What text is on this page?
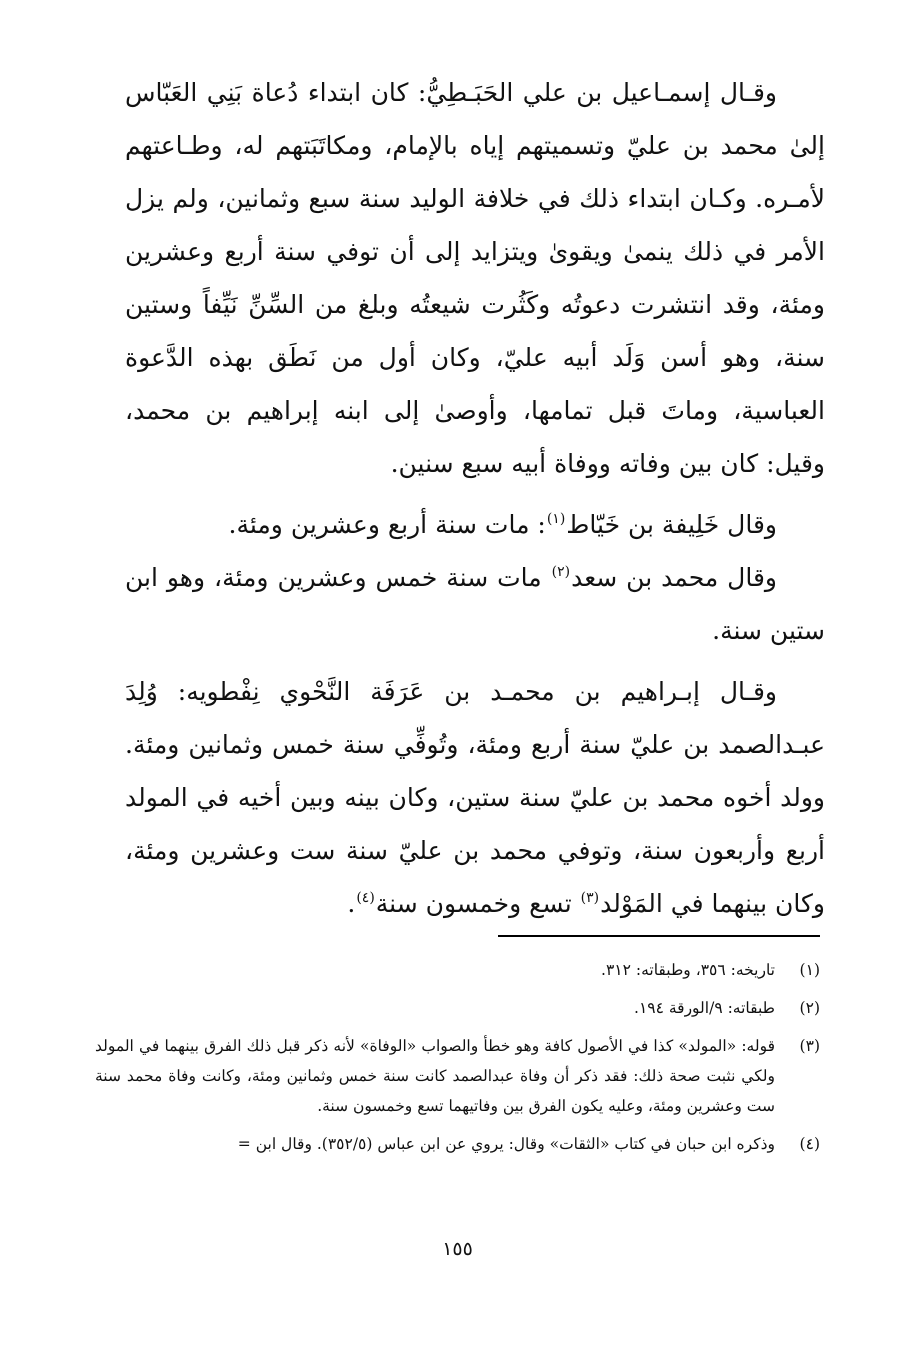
وقـال إسمـاعيل بن علي الحَبَـطِيُّ: كان ابتداء دُعاة بَنِي العَبّاس إلىٰ محمد بن عليّ وتسميتهم إياه بالإمام، ومكاتَبَتهم له، وطـاعتهم لأمـره. وكـان ابتداء ذلك في خلافة الوليد سنة سبع وثمانين، ولم يزل الأمر في ذلك ينمىٰ ويقوىٰ ويتزايد إلى أن توفي سنة أربع وعشرين ومئة، وقد انتشرت دعوتُه وكَثُرت شيعتُه وبلغ من السِّنِّ نَيِّفاً وستين سنة، وهو أسن وَلَد أبيه عليّ، وكان أول من نَطَق بهذه الدَّعوة العباسية، وماتَ قبل تمامها، وأوصىٰ إلى ابنه إبراهيم بن محمد، وقيل: كان بين وفاته ووفاة أبيه سبع سنين.

وقال خَلِيفة بن خَيّاط$^{(١)}$: مات سنة أربع وعشرين ومئة.

وقال محمد بن سعد$^{(٢)}$ مات سنة خمس وعشرين ومئة، وهو ابن ستين سنة.

وقـال إبـراهيم بن محمـد بن عَرَفَة النَّحْوي نِفْطويه: وُلِدَ عبـدالصمد بن عليّ سنة أربع ومئة، وتُوفِّي سنة خمس وثمانين ومئة. وولد أخوه محمد بن عليّ سنة ستين، وكان بينه وبين أخيه في المولد أربع وأربعون سنة، وتوفي محمد بن عليّ سنة ست وعشرين ومئة، وكان بينهما في المَوْلد$^{(٣)}$ تسع وخمسون سنة$^{(٤)}$.

(١)
تاريخه: ٣٥٦، وطبقاته: ٣١٢.
(٢)
طبقاته: ٩/الورقة ١٩٤.
(٣)
قوله: «المولد» كذا في الأصول كافة وهو خطأ والصواب «الوفاة» لأنه ذكر قبل ذلك الفرق بينهما في المولد ولكي نثبت صحة ذلك: فقد ذكر أن وفاة عبدالصمد كانت سنة خمس وثمانين ومئة، وكانت وفاة محمد سنة ست وعشرين ومئة، وعليه يكون الفرق بين وفاتيهما تسع وخمسون سنة.
(٤)
وذكره ابن حبان في كتاب «الثقات» وقال: يروي عن ابن عباس (٣٥٢/٥). وقال ابن =
١٥٥
